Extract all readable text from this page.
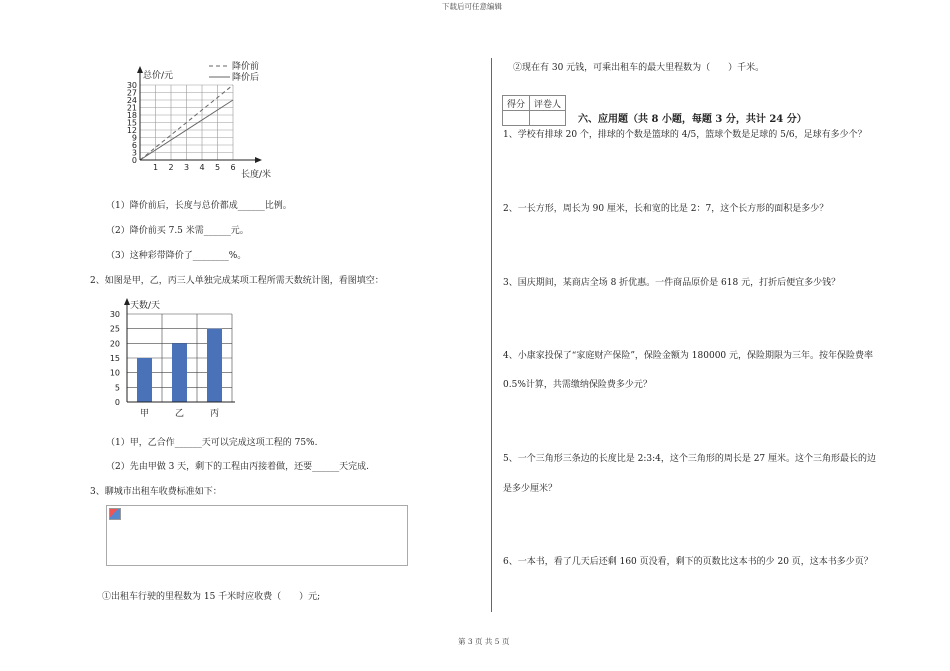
下载后可任意编辑
总价/元
长度/米
30
27
24
21
18
15
12
9
6
3
0
1 2 3 4 5 6
降价前
降价后
（1）降价前后，长度与总价都成______比例。
（2）降价前买 7.5 米需______元。
（3）这种彩带降价了________%。
2、如图是甲，乙，丙三人单独完成某项工程所需天数统计图，看图填空：
天数/天
30
25
20
15
10
5
0
甲	乙	丙
（1）甲，乙合作______天可以完成这项工程的 75%.
（2）先由甲做 3 天，剩下的工程由丙接着做，还要______天完成.
3、聊城市出租车收费标准如下：
①出租车行驶的里程数为 15 千米时应收费（　　）元;
②现在有 30 元钱，可乘出租车的最大里程数为（　　）千米。
得分	评卷人

六、应用题（共 8 小题，每题 3 分，共计 24 分）
1、学校有排球 20 个，排球的个数是篮球的 4/5，篮球个数是足球的 5/6，足球有多少个？
2、一长方形，周长为 90 厘米，长和宽的比是 2：7，这个长方形的面积是多少？
3、国庆期间，某商店全场 8 折优惠。一件商品原价是 618 元，打折后便宜多少钱？
4、小康家投保了“家庭财产保险”，保险金额为 180000 元，保险期限为三年。按年保险费率
0.5%计算，共需缴纳保险费多少元？
5、一个三角形三条边的长度比是 2:3:4，这个三角形的周长是 27 厘米。这个三角形最长的边
是多少厘米？
6、一本书，看了几天后还剩 160 页没看，剩下的页数比这本书的少 20 页，这本书多少页？
第 3 页 共 5 页
